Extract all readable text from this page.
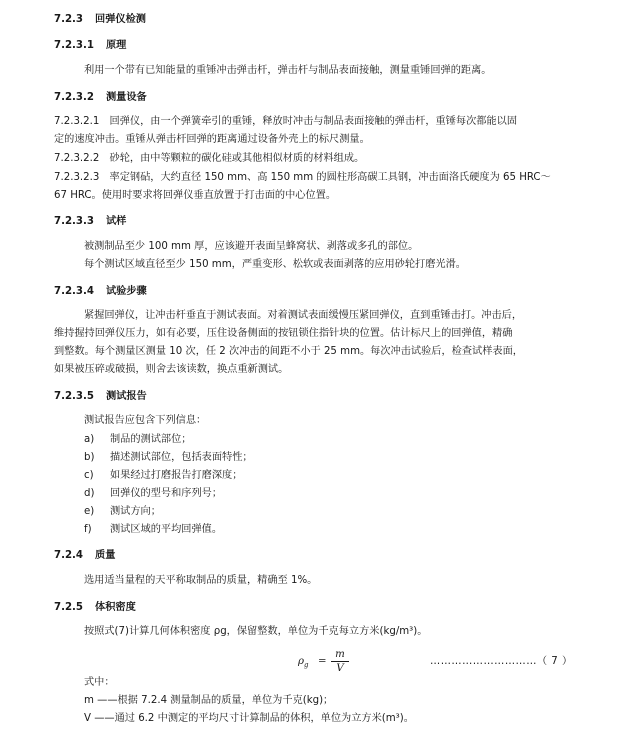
7.2.3 回弹仪检测
7.2.3.1 原理
利用一个带有已知能量的重锤冲击弹击杆，弹击杆与制品表面接触，测量重锤回弹的距离。
7.2.3.2 测量设备
7.2.3.2.1　回弹仪，由一个弹簧牵引的重锤，释放时冲击与制品表面接触的弹击杆，重锤每次都能以固
定的速度冲击。重锤从弹击杆回弹的距离通过设备外壳上的标尺测量。
7.2.3.2.2　砂轮，由中等颗粒的碳化硅或其他相似材质的材料组成。
7.2.3.2.3　率定钢砧，大约直径 150 mm、高 150 mm 的圆柱形高碳工具钢，冲击面洛氏硬度为 65 HRC～
67 HRC。使用时要求将回弹仪垂直放置于打击面的中心位置。
7.2.3.3 试样
被测制品至少 100 mm 厚，应该避开表面呈蜂窝状、剥落或多孔的部位。
每个测试区域直径至少 150 mm，严重变形、松软或表面剥落的应用砂轮打磨光滑。
7.2.3.4 试验步骤
紧握回弹仪，让冲击杆垂直于测试表面。对着测试表面缓慢压紧回弹仪，直到重锤击打。冲击后，
维持握持回弹仪压力，如有必要，压住设备侧面的按钮锁住指针块的位置。估计标尺上的回弹值，精确
到整数。每个测量区测量 10 次，任 2 次冲击的间距不小于 25 mm。每次冲击试验后，检查试样表面，
如果被压碎或破损，则舍去该读数，换点重新测试。
7.2.3.5 测试报告
测试报告应包含下列信息：
a) 制品的测试部位；
b) 描述测试部位，包括表面特性；
c) 如果经过打磨报告打磨深度；
d) 回弹仪的型号和序列号；
e) 测试方向；
f) 测试区域的平均回弹值。
7.2.4 质量
选用适当量程的天平称取制品的质量，精确至 1%。
7.2.5 体积密度
按照式(7)计算几何体积密度 ρg，保留整数，单位为千克每立方米(kg/m³)。
$\rho_g = \frac{m}{V}$	…………………………（ 7 ）
式中：
m ——根据 7.2.4 测量制品的质量，单位为千克(kg)；
V ——通过 6.2 中测定的平均尺寸计算制品的体积，单位为立方米(m³)。
